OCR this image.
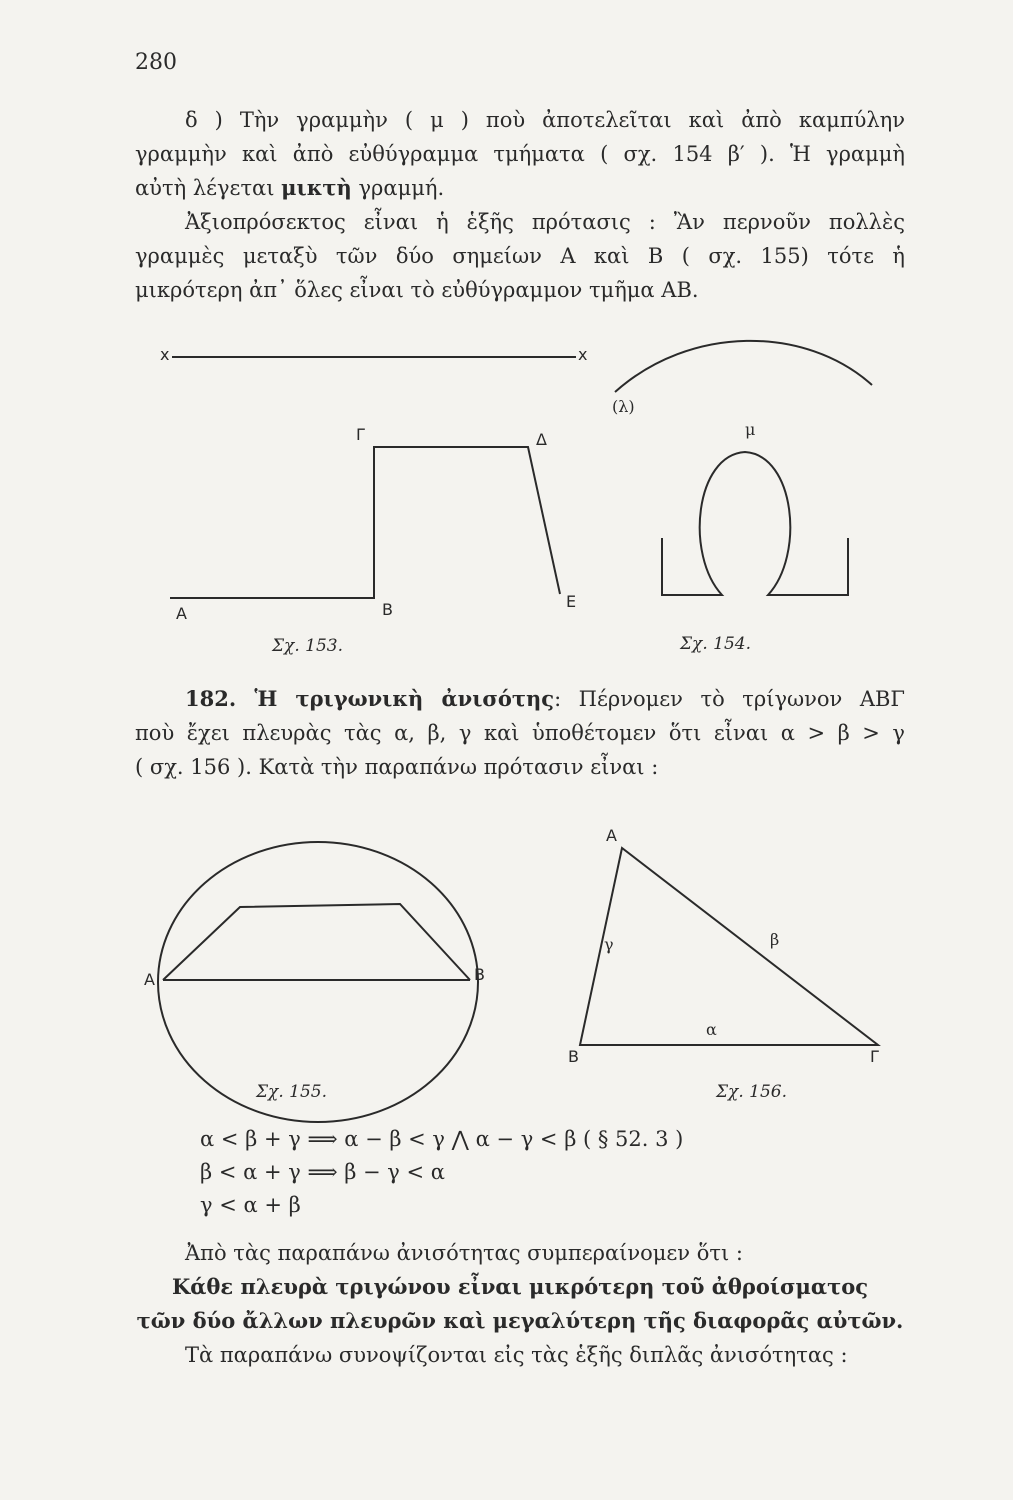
280
δ ) Τὴν γραμμὴν ( μ ) ποὺ ἀποτελεῖται καὶ ἀπὸ καμπύλην
γραμμὴν καὶ ἀπὸ εὐθύγραμμα τμήματα ( σχ. 154 β′ ). Ἡ γραμμὴ
αὐτὴ λέγεται μικτὴ γραμμή.
Ἀξιοπρόσεκτος εἶναι ἡ ἑξῆς πρότασις : Ἂν περνοῦν πολλὲς
γραμμὲς μεταξὺ τῶν δύο σημείων Α καὶ Β ( σχ. 155) τότε ἡ
μικρότερη ἀπ᾽ ὅλες εἶναι τὸ εὐθύγραμμον τμῆμα ΑΒ.
x	x
Α	Β
Γ	Δ
Ε
Σχ. 153.
(λ)
μ
Σχ. 154.
182. Ἡ τριγωνικὴ ἀνισότης: Πέρνομεν τὸ τρίγωνον ΑΒΓ
ποὺ ἔχει πλευρὰς τὰς α, β, γ καὶ ὑποθέτομεν ὅτι εἶναι α > β > γ
( σχ. 156 ). Κατὰ τὴν παραπάνω πρότασιν εἶναι :
Α	Β
Σχ. 155.
Α
Β	Γ
α
β
γ
Σχ. 156.
α < β + γ ⟹ α − β < γ ⋀ α − γ < β ( § 52. 3 )
β < α + γ ⟹ β − γ < α
γ < α + β
Ἀπὸ τὰς παραπάνω ἀνισότητας συμπεραίνομεν ὅτι :
Κάθε πλευρὰ τριγώνου εἶναι μικρότερη τοῦ ἀθροίσματος
τῶν δύο ἄλλων πλευρῶν καὶ μεγαλύτερη τῆς διαφορᾶς αὐτῶν.
Τὰ παραπάνω συνοψίζονται εἰς τὰς ἑξῆς διπλᾶς ἀνισότητας :
